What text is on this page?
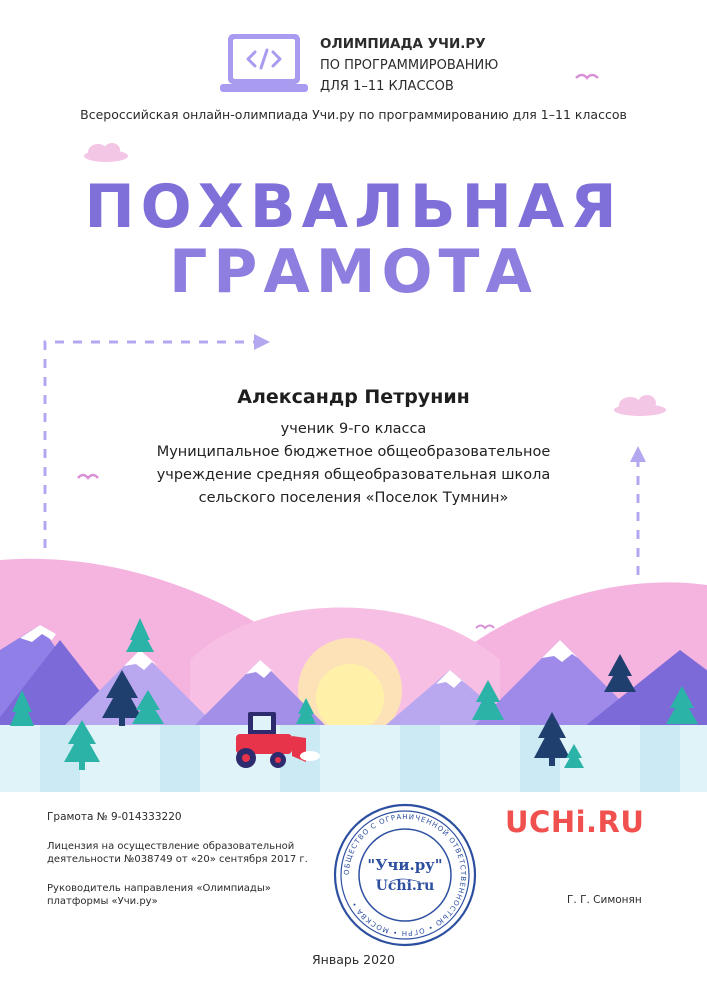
ОЛИМПИАДА УЧИ.РУ
ПО ПРОГРАММИРОВАНИЮ
ДЛЯ 1–11 КЛАССОВ
Всероссийская онлайн-олимпиада Учи.ру по программированию для 1–11 классов
ПОХВАЛЬНАЯ
ГРАМОТА
Александр Петрунин
ученик 9-го класса
Муниципальное бюджетное общеобразовательное
учреждение средняя общеобразовательная школа
сельского поселения «Поселок Тумнин»
Грамота № 9-014333220
Лицензия на осуществление образовательной
деятельности №038749 от «20» сентября 2017 г.
Руководитель направления «Олимпиады»
платформы «Учи.ру»
ОБЩЕСТВО С ОГРАНИЧЕННОЙ ОТВЕТСТВЕННОСТЬЮ • ОГРН • МОСКВА •
"Учи.ру"
Uchi.ru
UCHi.RU
Г. Г. Симонян
Январь 2020
